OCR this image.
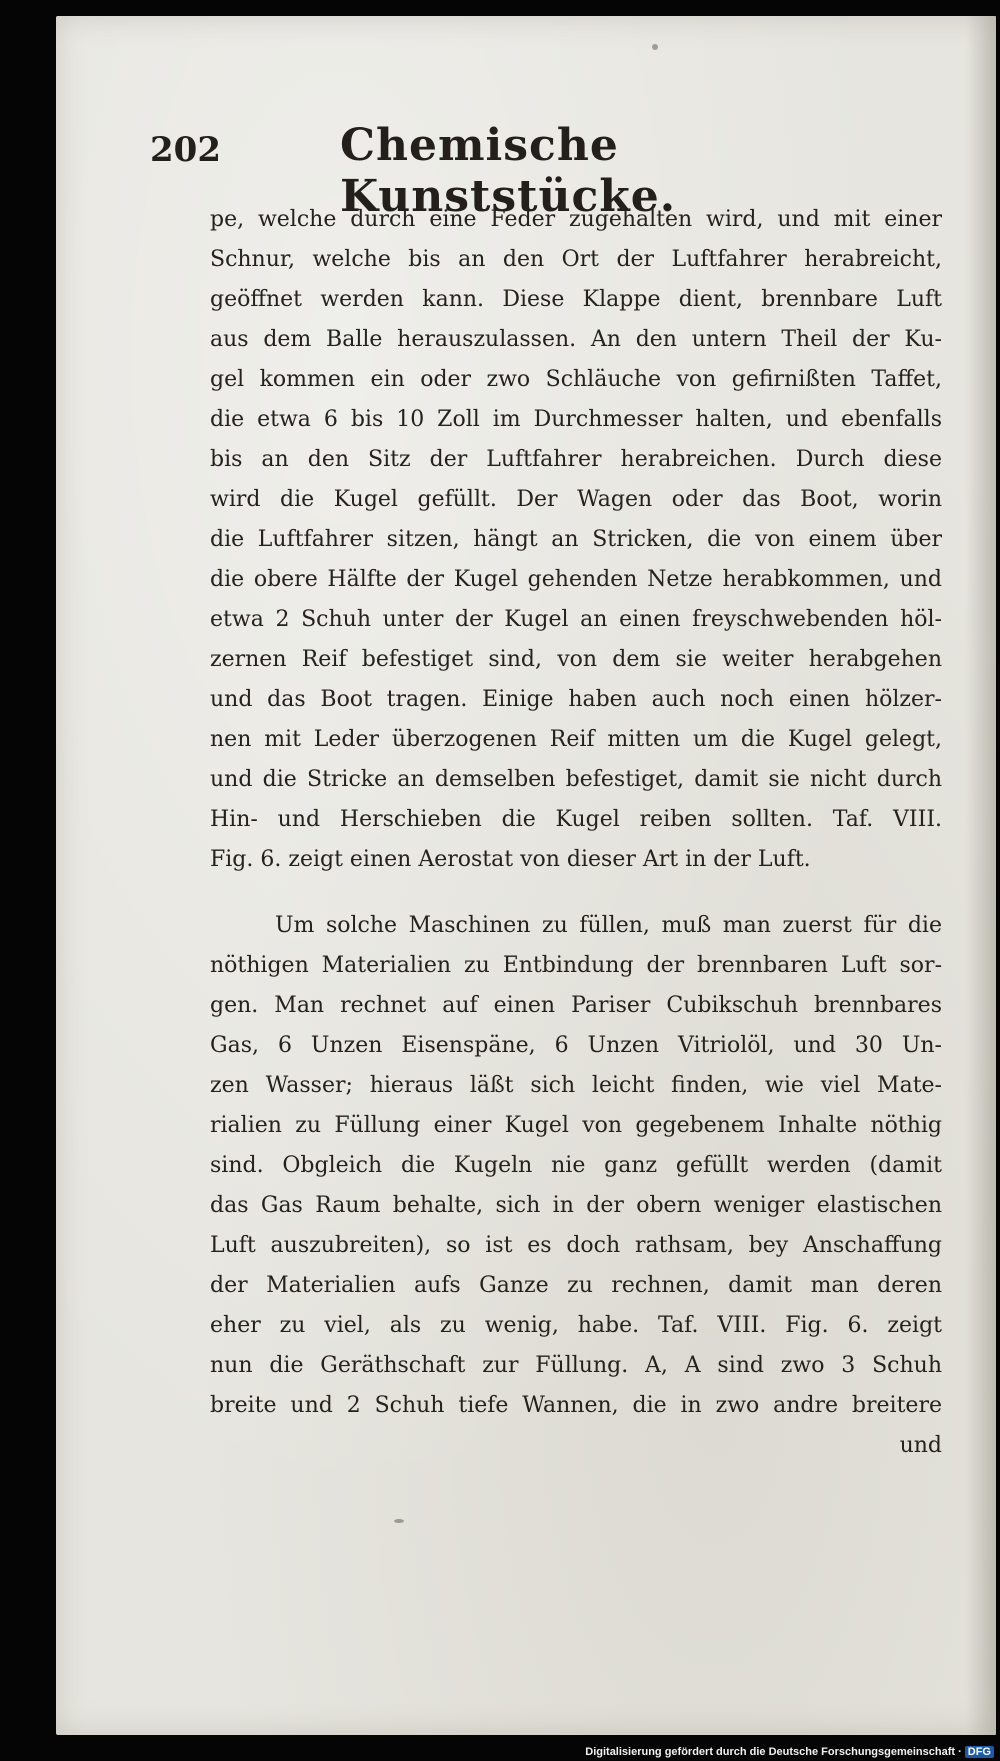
202	Chemische Kunststücke.
pe, welche durch eine Feder zugehalten wird, und mit einer
Schnur, welche bis an den Ort der Luftfahrer herabreicht,
geöffnet werden kann. Diese Klappe dient, brennbare Luft
aus dem Balle herauszulassen. An den untern Theil der Ku-
gel kommen ein oder zwo Schläuche von gefirnißten Taffet,
die etwa 6 bis 10 Zoll im Durchmesser halten, und ebenfalls
bis an den Sitz der Luftfahrer herabreichen. Durch diese
wird die Kugel gefüllt. Der Wagen oder das Boot, worin
die Luftfahrer sitzen, hängt an Stricken, die von einem über
die obere Hälfte der Kugel gehenden Netze herabkommen, und
etwa 2 Schuh unter der Kugel an einen freyschwebenden höl-
zernen Reif befestiget sind, von dem sie weiter herabgehen
und das Boot tragen. Einige haben auch noch einen hölzer-
nen mit Leder überzogenen Reif mitten um die Kugel gelegt,
und die Stricke an demselben befestiget, damit sie nicht durch
Hin- und Herschieben die Kugel reiben sollten. Taf. VIII.
Fig. 6. zeigt einen Aerostat von dieser Art in der Luft.
Um solche Maschinen zu füllen, muß man zuerst für die
nöthigen Materialien zu Entbindung der brennbaren Luft sor-
gen. Man rechnet auf einen Pariser Cubikschuh brennbares
Gas, 6 Unzen Eisenspäne, 6 Unzen Vitriolöl, und 30 Un-
zen Wasser; hieraus läßt sich leicht finden, wie viel Mate-
rialien zu Füllung einer Kugel von gegebenem Inhalte nöthig
sind. Obgleich die Kugeln nie ganz gefüllt werden (damit
das Gas Raum behalte, sich in der obern weniger elastischen
Luft auszubreiten), so ist es doch rathsam, bey Anschaffung
der Materialien aufs Ganze zu rechnen, damit man deren
eher zu viel, als zu wenig, habe. Taf. VIII. Fig. 6. zeigt
nun die Geräthschaft zur Füllung. A, A sind zwo 3 Schuh
breite und 2 Schuh tiefe Wannen, die in zwo andre breitere
und
Digitalisierung gefördert durch die Deutsche Forschungsgemeinschaft · DFG
